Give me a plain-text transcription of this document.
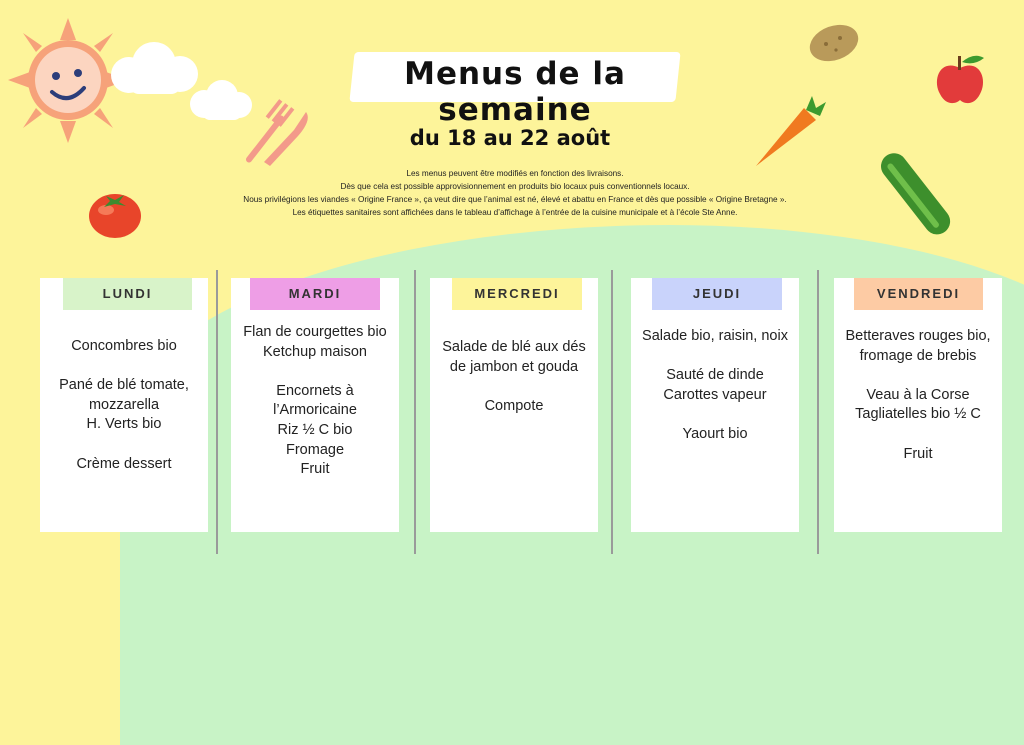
Menus de la semaine
du 18 au 22 août
Les menus peuvent être modifiés en fonction des livraisons.
Dès que cela est possible approvisionnement en produits bio locaux puis conventionnels locaux.
Nous privilégions les viandes « Origine France », ça veut dire que l’animal est né, élevé et abattu en France et dès que possible « Origine Bretagne ».
Les étiquettes sanitaires sont affichées dans le tableau d’affichage à l’entrée de la cuisine municipale et à l’école Ste Anne.
LUNDI
Concombres bio

Pané de blé tomate,
mozzarella
H. Verts bio

Crème dessert
MARDI
Flan de courgettes bio
Ketchup maison

Encornets à
l’Armoricaine
Riz ½ C bio
Fromage
Fruit
MERCREDI
Salade de blé aux dés
de jambon et gouda

Compote
JEUDI
Salade bio, raisin, noix

Sauté de dinde
Carottes vapeur

Yaourt bio
VENDREDI
Betteraves rouges bio,
fromage de brebis

Veau à la Corse
Tagliatelles bio ½ C

Fruit
